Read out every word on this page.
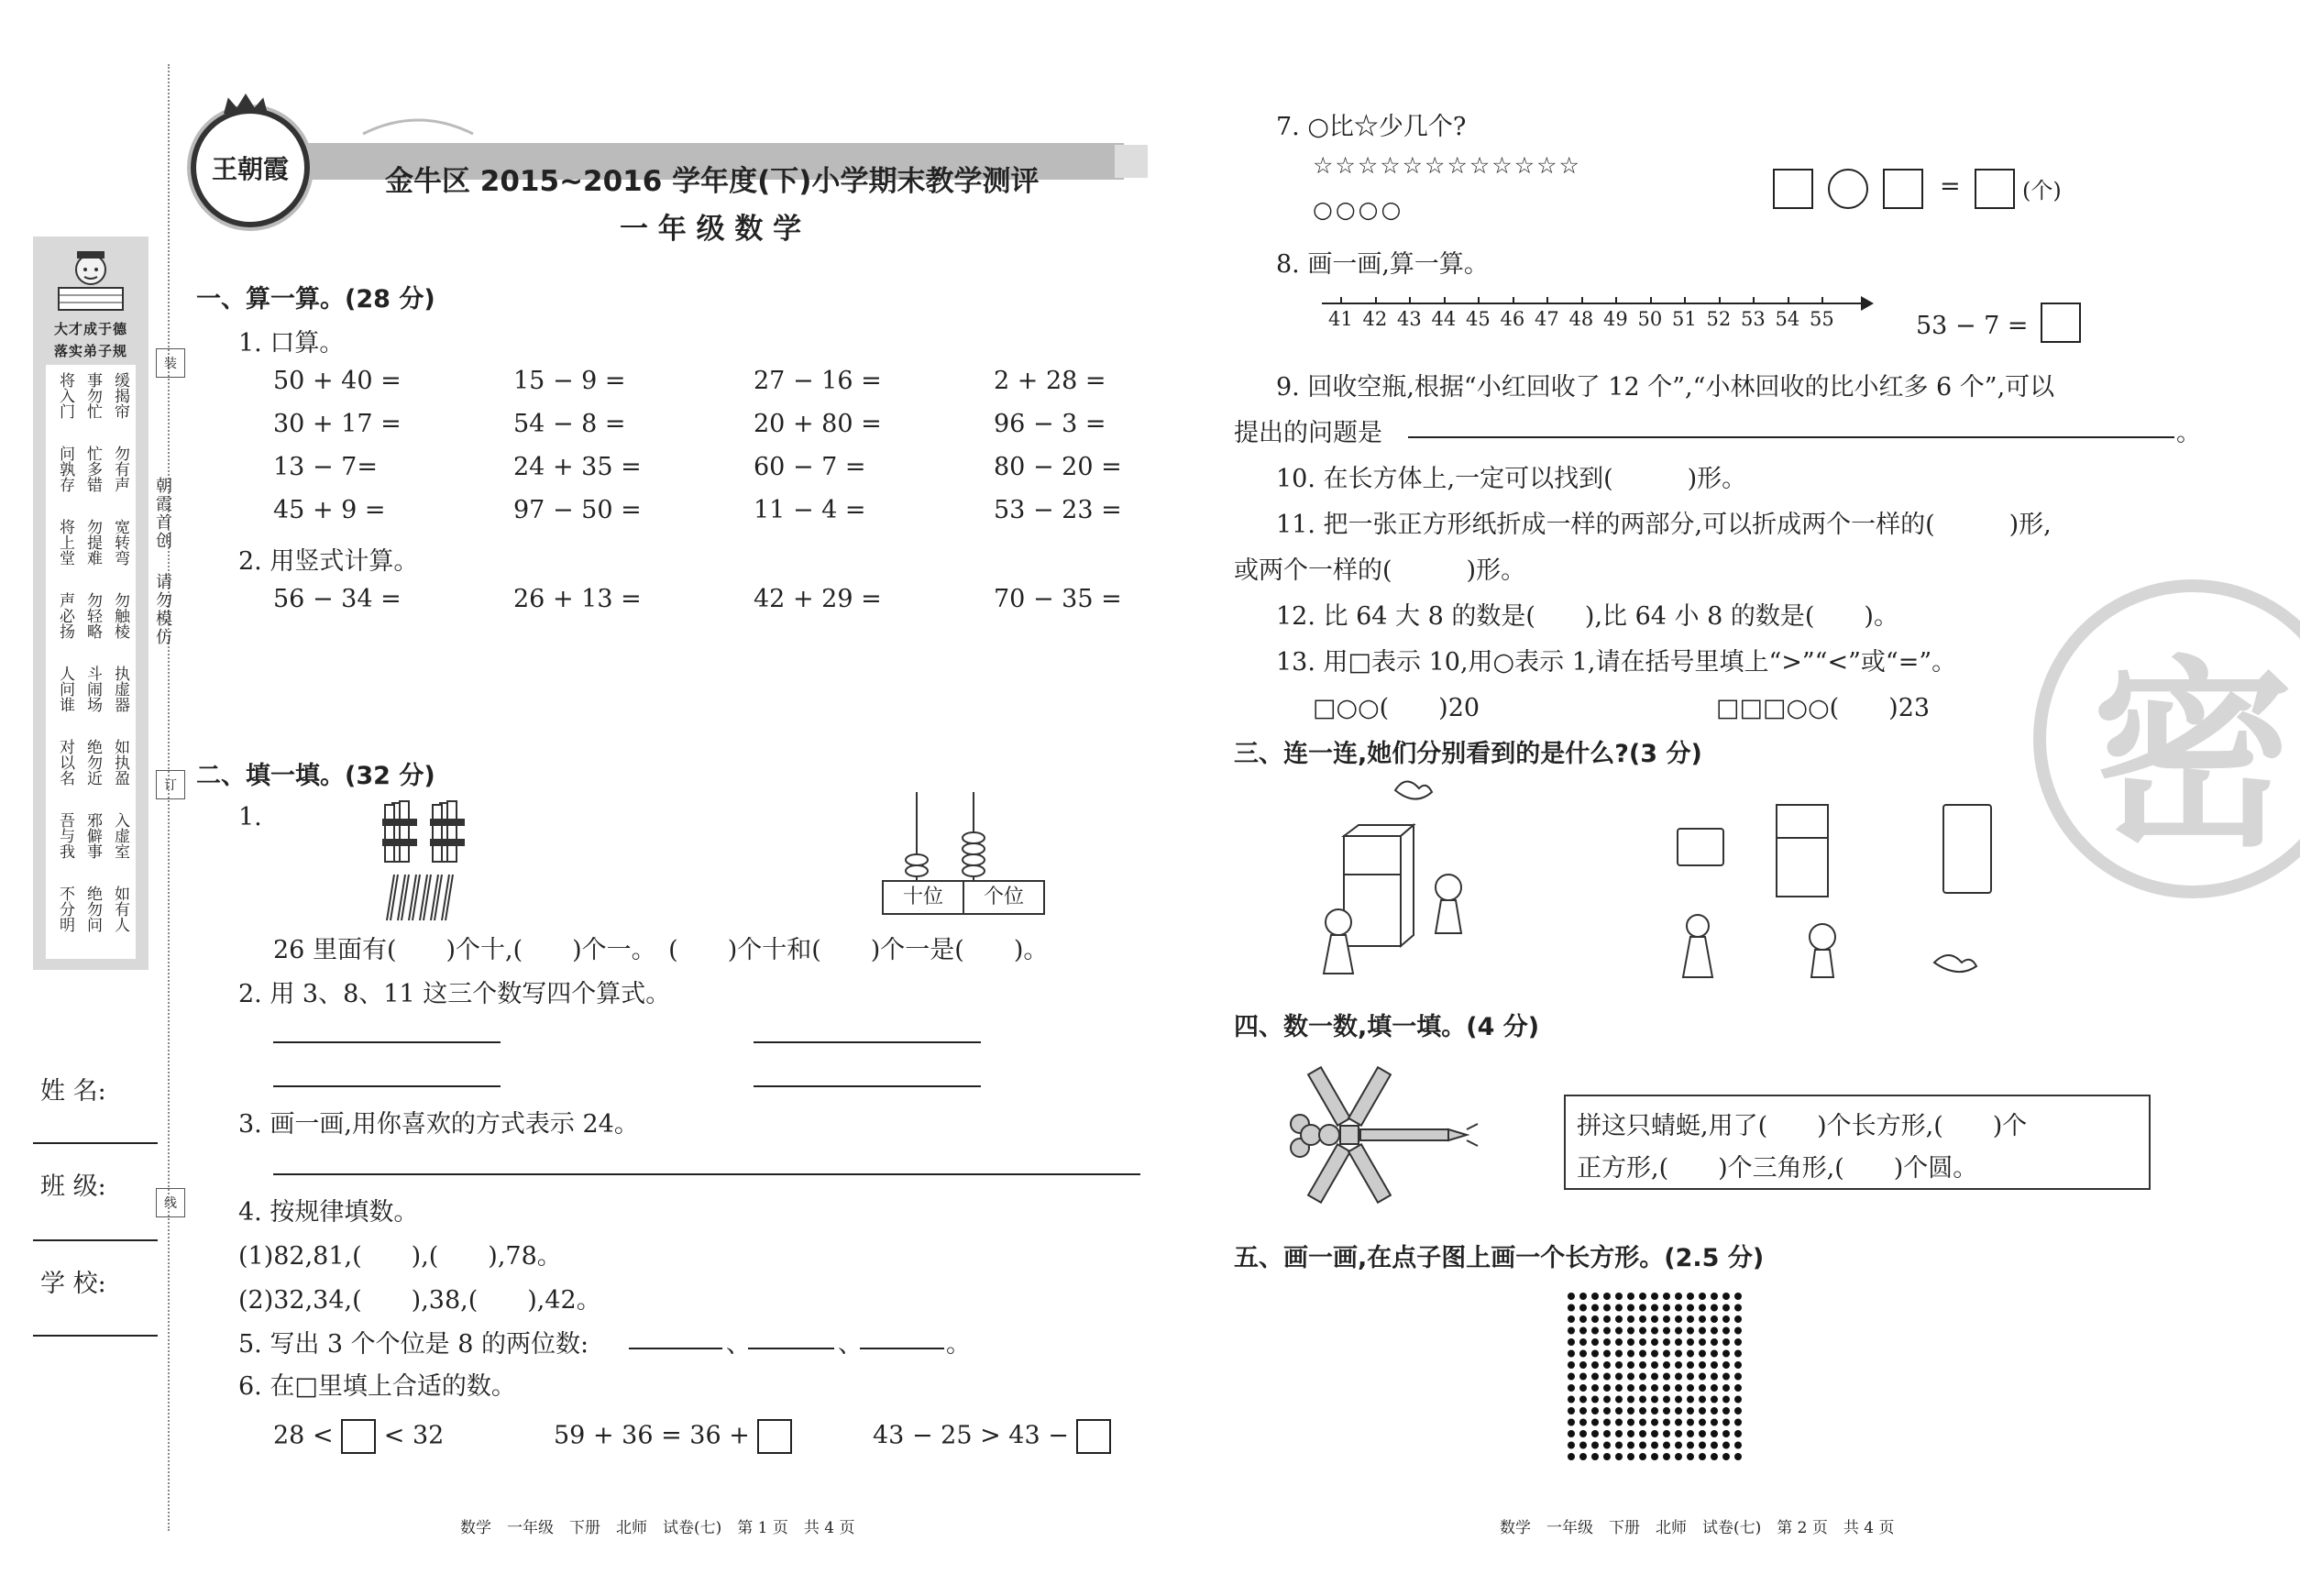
大才成于德
落实弟子规
将入门 事勿忙 缓揭帘
问孰存 忙多错 勿有声
将上堂 勿提难 宽转弯
声必扬 勿轻略 勿触棱
人问谁 斗闹场 执虚器
对以名 绝勿近 如执盈
吾与我 邪僻事 入虚室
不分明 绝勿问 如有人
朝霞首创
请勿模仿
装
订
线
姓 名:
班 级:
学 校:
王朝霞	金牛区 2015~2016 学年度(下)小学期末教学测评
一 年 级 数 学
一、算一算。(28 分)
1. 口算。
50 + 40 =	15 − 9 =	27 − 16 =	2 + 28 =
30 + 17 =	54 − 8 =	20 + 80 =	96 − 3 =
13 − 7=	24 + 35 =	60 − 7 =	80 − 20 =
45 + 9 =	97 − 50 =	11 − 4 =	53 − 23 =
2. 用竖式计算。
56 − 34 =	26 + 13 =	42 + 29 =	70 − 35 =
二、填一填。(32 分)
1.
十位	个位
26 里面有(　　)个十,(　　)个一。　(　　)个十和(　　)个一是(　　)。
2. 用 3、8、11 这三个数写四个算式。
3. 画一画,用你喜欢的方式表示 24。
4. 按规律填数。
(1)82,81,(　　),(　　),78。
(2)32,34,(　　),38,(　　),42。
5. 写出 3 个个位是 8 的两位数:	、	、	。
6. 在□里填上合适的数。
28 < < 32	59 + 36 = 36 +	43 − 25 > 43 −
数学　一年级　下册　北师　试卷(七)　第 1 页　共 4 页
密
7. ○比☆少几个?
☆☆☆☆☆☆☆☆☆☆☆☆
○○○○
=	(个)
8. 画一画,算一算。
41 42 43 44 45 46 47 48 49 50 51 52 53 54 55	53 − 7 =
9. 回收空瓶,根据“小红回收了 12 个”,“小林回收的比小红多 6 个”,可以
提出的问题是	。
10. 在长方体上,一定可以找到(　　　)形。
11. 把一张正方形纸折成一样的两部分,可以折成两个一样的(　　　)形,
或两个一样的(　　　)形。
12. 比 64 大 8 的数是(　　),比 64 小 8 的数是(　　)。
13. 用□表示 10,用○表示 1,请在括号里填上“>”“<”或“=”。
□○○(　　)20	□□□○○(　　)23
三、连一连,她们分别看到的是什么?(3 分)
四、数一数,填一填。(4 分)
拼这只蜻蜓,用了(　　)个长方形,(　　)个
正方形,(　　)个三角形,(　　)个圆。
五、画一画,在点子图上画一个长方形。(2.5 分)
数学　一年级　下册　北师　试卷(七)　第 2 页　共 4 页
